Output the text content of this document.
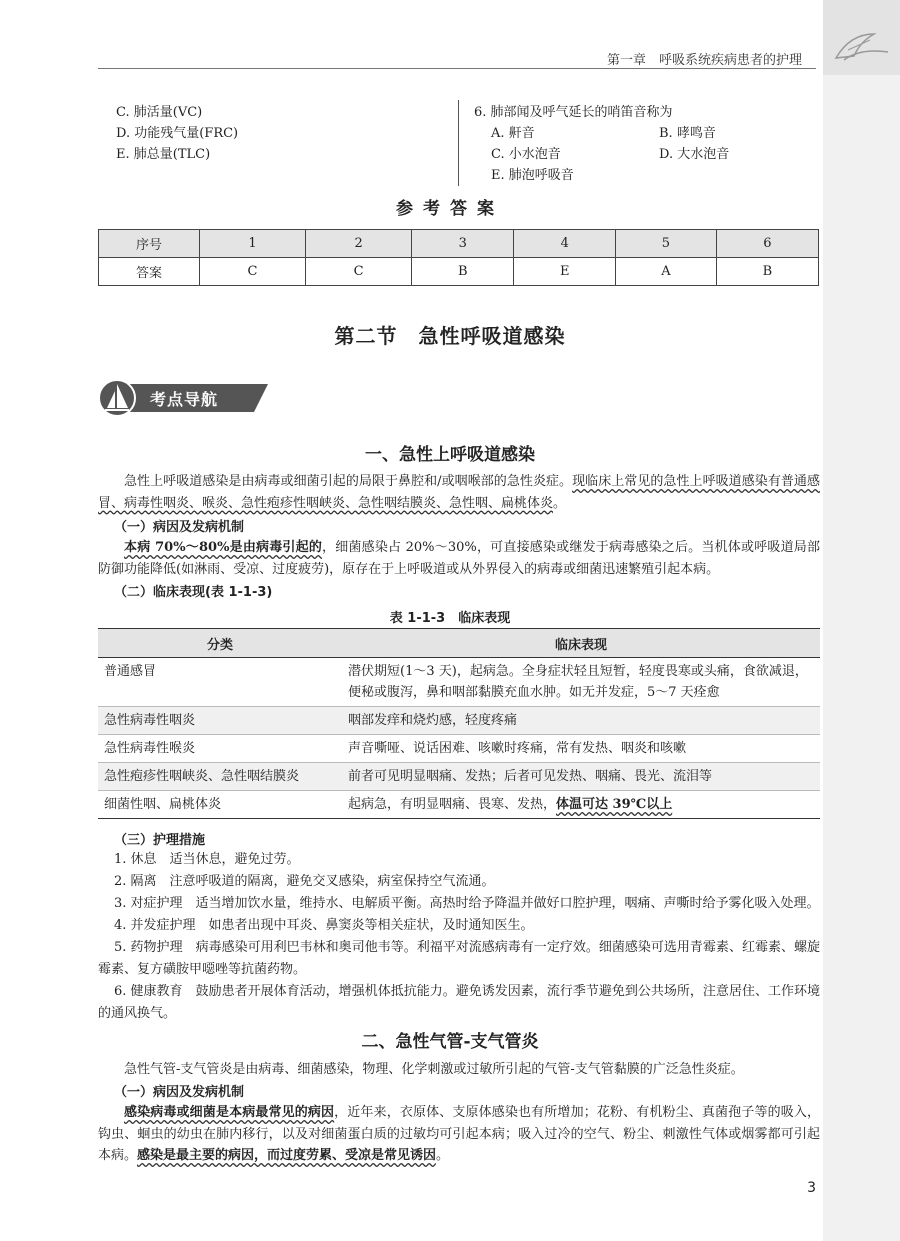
第一章　呼吸系统疾病患者的护理
C. 肺活量(VC)
D. 功能残气量(FRC)
E. 肺总量(TLC)
6. 肺部闻及呼气延长的哨笛音称为
A. 鼾音	B. 哮鸣音
C. 小水泡音	D. 大水泡音
E. 肺泡呼吸音
参考答案
序号	1	2	3	4	5	6
答案	C	C	B	E	A	B
第二节　急性呼吸道感染
考点导航
一、急性上呼吸道感染
急性上呼吸道感染是由病毒或细菌引起的局限于鼻腔和/或咽喉部的急性炎症。现临床上常见的急性上呼吸道感染有普通感冒、病毒性咽炎、喉炎、急性疱疹性咽峡炎、急性咽结膜炎、急性咽、扁桃体炎。
（一）病因及发病机制
本病 70%～80%是由病毒引起的，细菌感染占 20%～30%，可直接感染或继发于病毒感染之后。当机体或呼吸道局部防御功能降低(如淋雨、受凉、过度疲劳)，原存在于上呼吸道或从外界侵入的病毒或细菌迅速繁殖引起本病。
（二）临床表现(表 1-1-3)
表 1-1-3　临床表现
分类	临床表现
普通感冒	潜伏期短(1～3 天)，起病急。全身症状轻且短暂，轻度畏寒或头痛，食欲减退，便秘或腹泻，鼻和咽部黏膜充血水肿。如无并发症，5～7 天痊愈
急性病毒性咽炎	咽部发痒和烧灼感，轻度疼痛
急性病毒性喉炎	声音嘶哑、说话困难、咳嗽时疼痛，常有发热、咽炎和咳嗽
急性疱疹性咽峡炎、急性咽结膜炎	前者可见明显咽痛、发热；后者可见发热、咽痛、畏光、流泪等
细菌性咽、扁桃体炎	起病急，有明显咽痛、畏寒、发热，体温可达 39℃以上
（三）护理措施
1. 休息　适当休息，避免过劳。
2. 隔离　注意呼吸道的隔离，避免交叉感染，病室保持空气流通。
3. 对症护理　适当增加饮水量，维持水、电解质平衡。高热时给予降温并做好口腔护理，咽痛、声嘶时给予雾化吸入处理。
4. 并发症护理　如患者出现中耳炎、鼻窦炎等相关症状，及时通知医生。
5. 药物护理　病毒感染可用利巴韦林和奥司他韦等。利福平对流感病毒有一定疗效。细菌感染可选用青霉素、红霉素、螺旋霉素、复方磺胺甲噁唑等抗菌药物。
6. 健康教育　鼓励患者开展体育活动，增强机体抵抗能力。避免诱发因素，流行季节避免到公共场所，注意居住、工作环境的通风换气。
二、急性气管-支气管炎
急性气管-支气管炎是由病毒、细菌感染，物理、化学刺激或过敏所引起的气管-支气管黏膜的广泛急性炎症。
（一）病因及发病机制
感染病毒或细菌是本病最常见的病因，近年来，衣原体、支原体感染也有所增加；花粉、有机粉尘、真菌孢子等的吸入，钩虫、蛔虫的幼虫在肺内移行，以及对细菌蛋白质的过敏均可引起本病；吸入过冷的空气、粉尘、刺激性气体或烟雾都可引起本病。感染是最主要的病因，而过度劳累、受凉是常见诱因。
3
